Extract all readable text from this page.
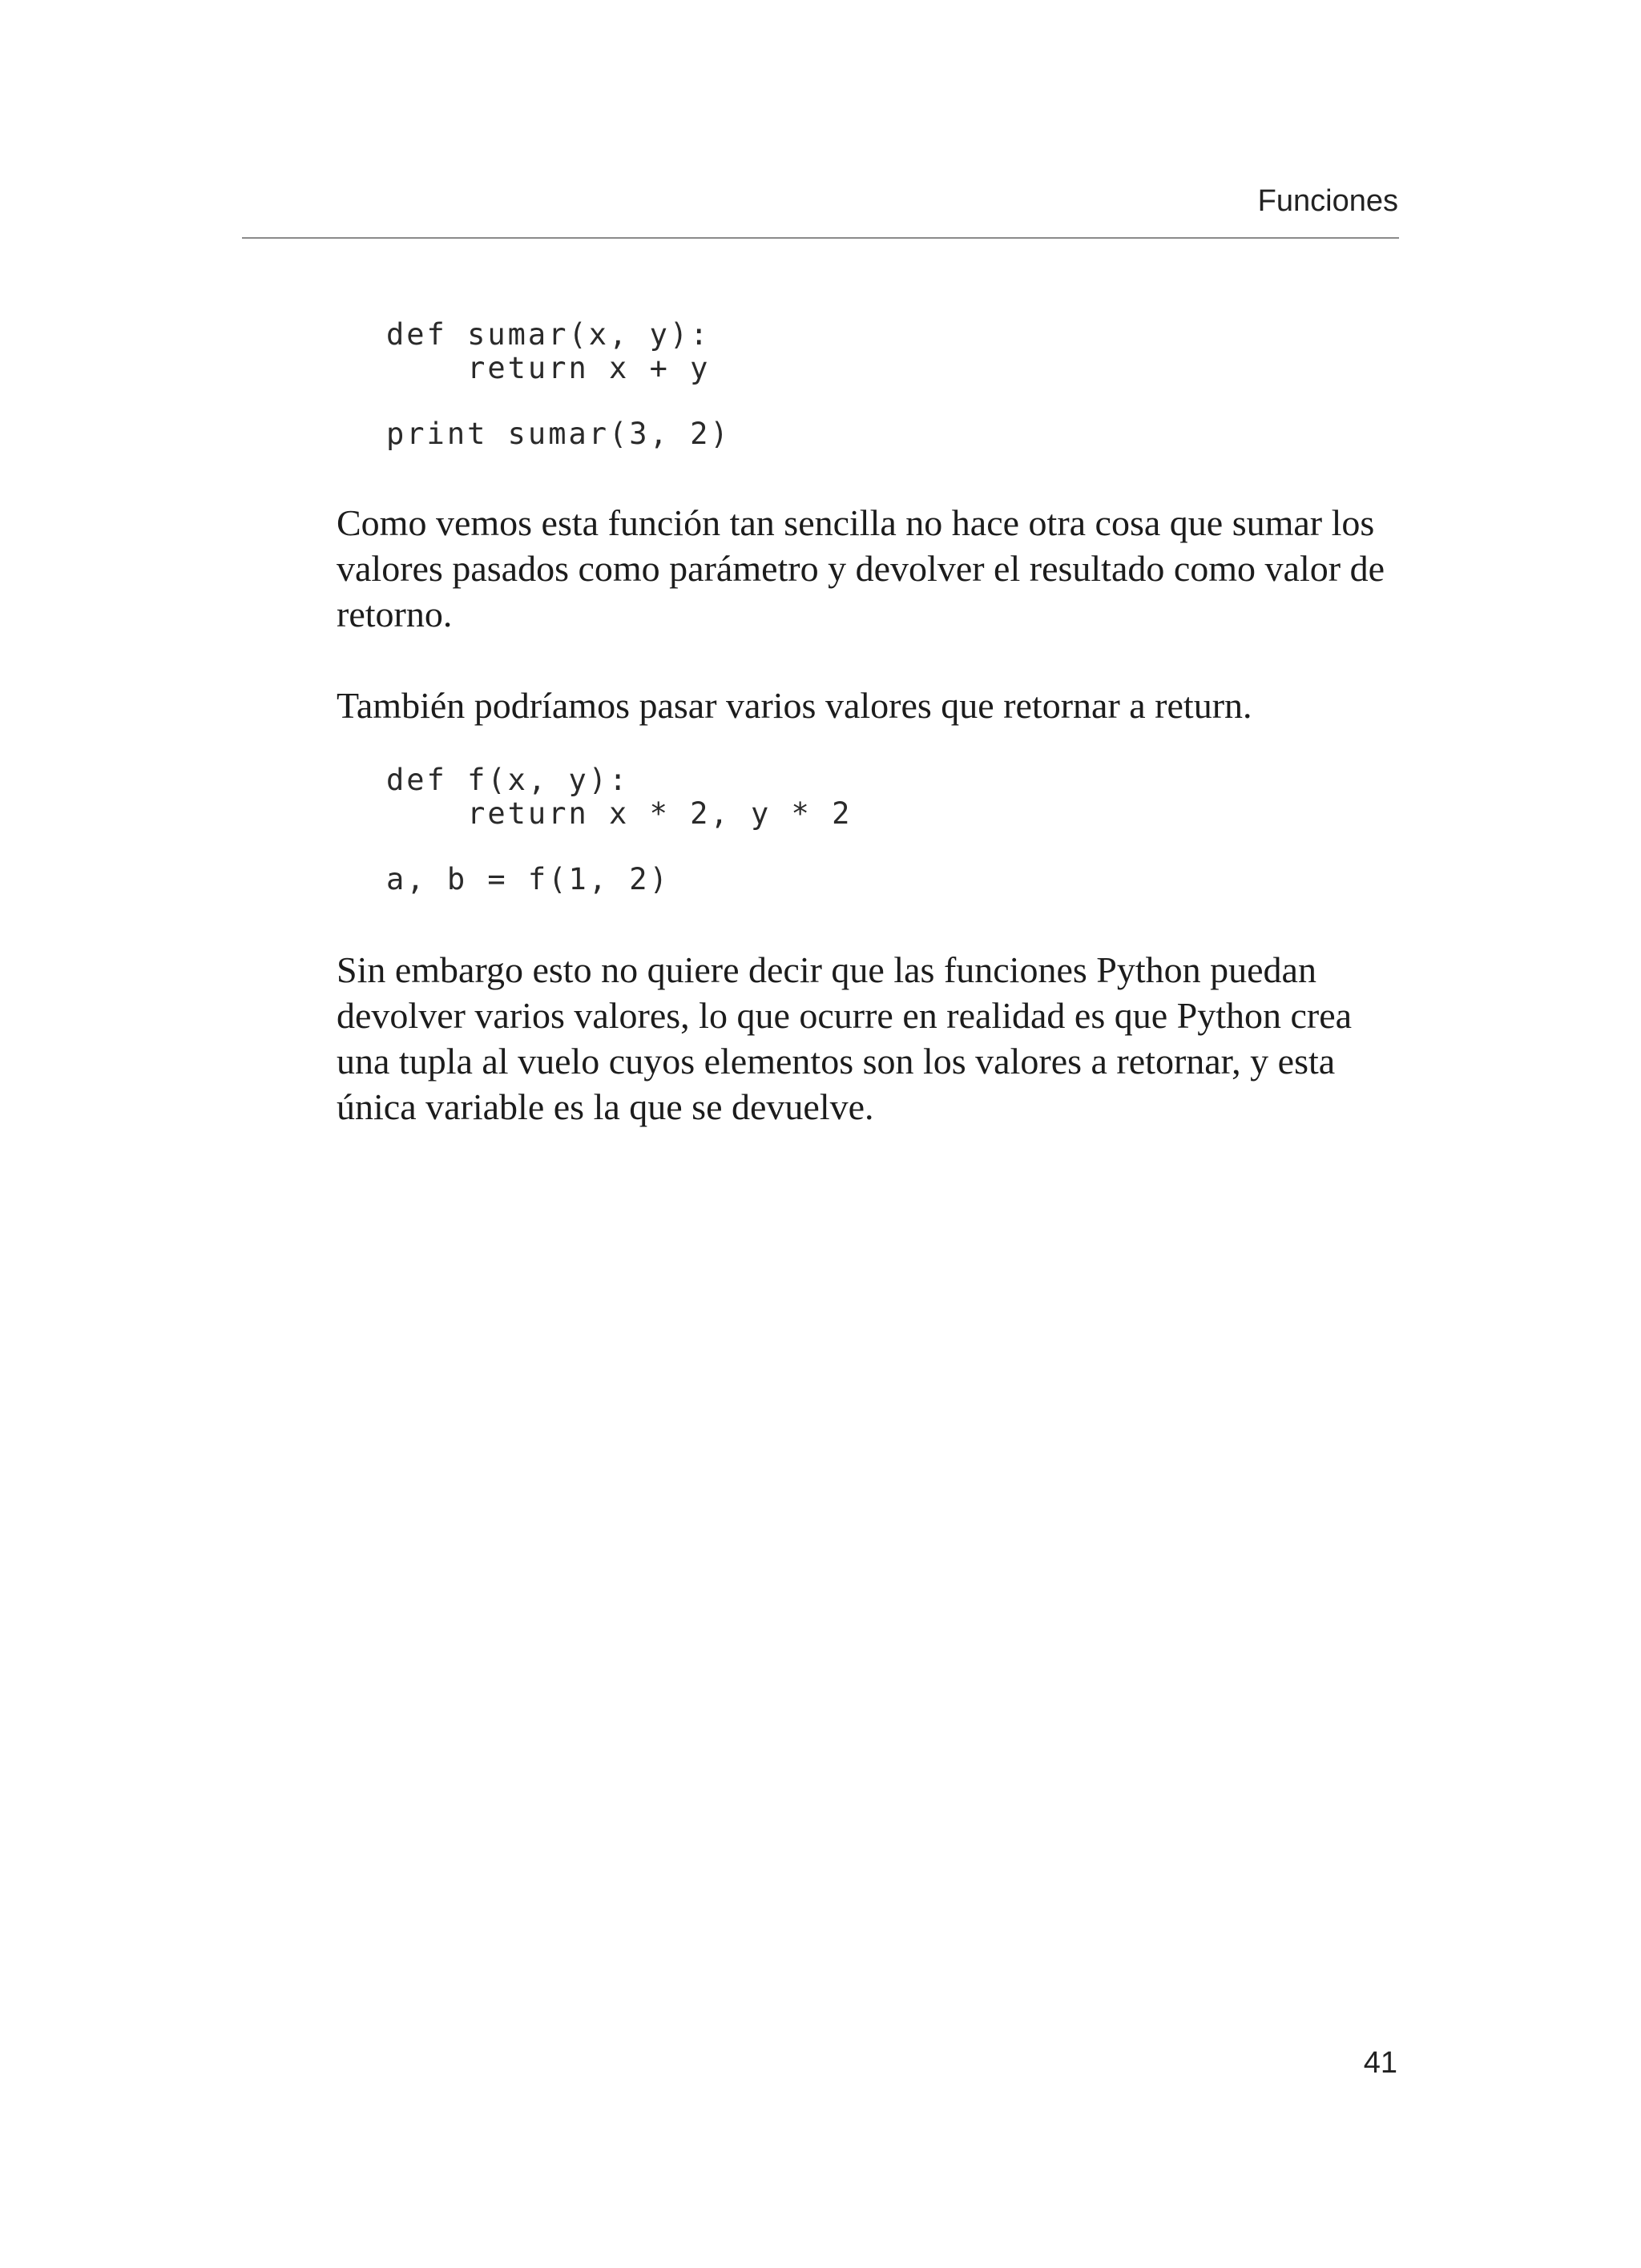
Funciones
def sumar(x, y):
return x + y
print sumar(3, 2)

Como vemos esta función tan sencilla no hace otra cosa que sumar los valores pasados como parámetro y devolver el resultado como valor de retorno.

También podríamos pasar varios valores que retornar a return.

def f(x, y):
return x * 2, y * 2
a, b = f(1, 2)

Sin embargo esto no quiere decir que las funciones Python puedan devolver varios valores, lo que ocurre en realidad es que Python crea una tupla al vuelo cuyos elementos son los valores a retornar, y esta única variable es la que se devuelve.

41
